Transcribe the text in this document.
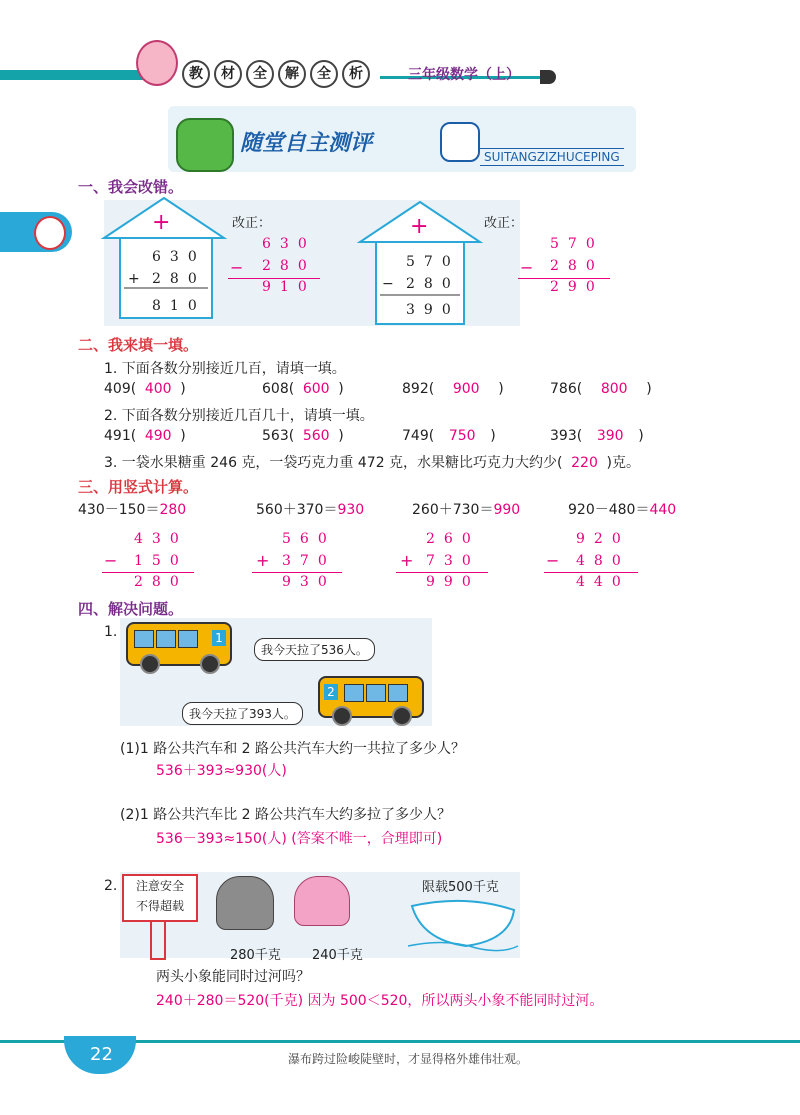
教 材 全 解 全 析	三年级数学（上）
随堂自主测评
SUITANGZIZHUCEPING
一、我会改错。
+
630
+ 280
810
改正：
630
− 280
910
+
570
− 280
390
改正：
570
− 280
290
二、我来填一填。
1. 下面各数分别接近几百，请填一填。
409( 400 )	608( 600 )	892( 900 )	786( 800 )
2. 下面各数分别接近几百几十，请填一填。
491( 490 )	563( 560 )	749( 750 )	393( 390 )
3. 一袋水果糖重 246 克，一袋巧克力重 472 克，水果糖比巧克力大约少( 220 )克。
三、用竖式计算。
430－150＝280	560＋370＝930	260＋730＝990	920－480＝440
430
− 150
280
560
+ 370
930
260
+ 730
990
920
− 480
440
四、解决问题。
1.	1
我今天拉了536人。
2
我今天拉了393人。
(1)1 路公共汽车和 2 路公共汽车大约一共拉了多少人？
536＋393≈930(人)
(2)1 路公共汽车比 2 路公共汽车大约多拉了多少人？
536－393≈150(人) (答案不唯一，合理即可)
2.	注意安全
不得超载
280千克 240千克
限载500千克
两头小象能同时过河吗？
240＋280＝520(千克) 因为 500＜520，所以两头小象不能同时过河。
22	瀑布跨过险峻陡壁时，才显得格外雄伟壮观。
